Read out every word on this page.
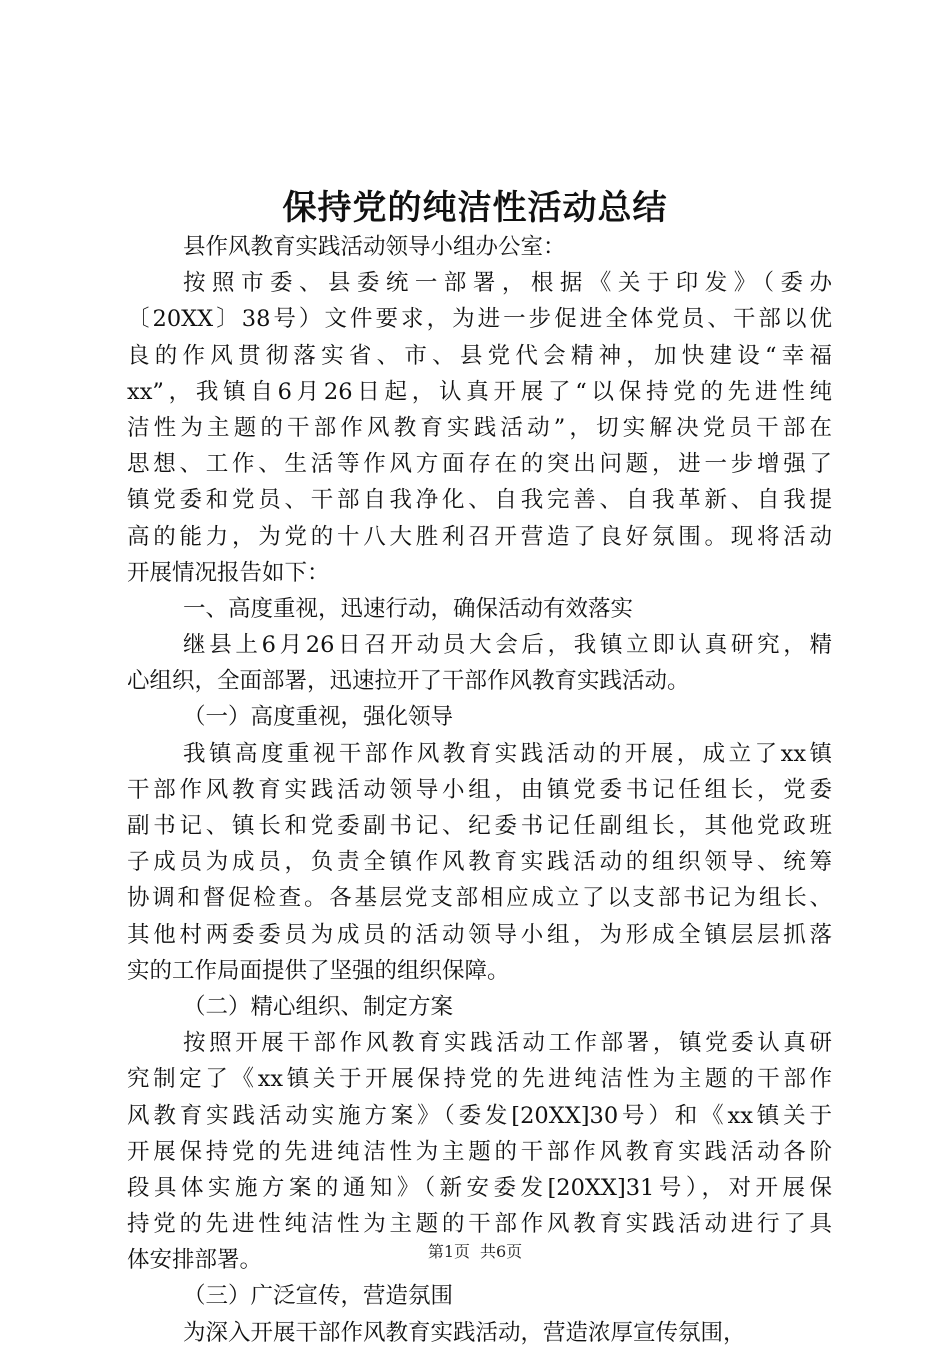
保持党的纯洁性活动总结
县作风教育实践活动领导小组办公室：
按照市委、县委统一部署，根据《关于印发》（委办
〔20XX〕38号）文件要求，为进一步促进全体党员、干部以优
良的作风贯彻落实省、市、县党代会精神，加快建设“幸福
xx”，我镇自6月26日起，认真开展了“以保持党的先进性纯
洁性为主题的干部作风教育实践活动”，切实解决党员干部在
思想、工作、生活等作风方面存在的突出问题，进一步增强了
镇党委和党员、干部自我净化、自我完善、自我革新、自我提
高的能力，为党的十八大胜利召开营造了良好氛围。现将活动
开展情况报告如下：
一、高度重视，迅速行动，确保活动有效落实
继县上6月26日召开动员大会后，我镇立即认真研究，精
心组织，全面部署，迅速拉开了干部作风教育实践活动。
（一）高度重视，强化领导
我镇高度重视干部作风教育实践活动的开展，成立了xx镇
干部作风教育实践活动领导小组，由镇党委书记任组长，党委
副书记、镇长和党委副书记、纪委书记任副组长，其他党政班
子成员为成员，负责全镇作风教育实践活动的组织领导、统筹
协调和督促检查。各基层党支部相应成立了以支部书记为组长、
其他村两委委员为成员的活动领导小组，为形成全镇层层抓落
实的工作局面提供了坚强的组织保障。
（二）精心组织、制定方案
按照开展干部作风教育实践活动工作部署，镇党委认真研
究制定了《xx镇关于开展保持党的先进纯洁性为主题的干部作
风教育实践活动实施方案》（委发[20XX]30号）和《xx镇关于
开展保持党的先进纯洁性为主题的干部作风教育实践活动各阶
段具体实施方案的通知》（新安委发[20XX]31号），对开展保
持党的先进性纯洁性为主题的干部作风教育实践活动进行了具
体安排部署。
（三）广泛宣传，营造氛围
为深入开展干部作风教育实践活动，营造浓厚宣传氛围，
第1页 共6页
